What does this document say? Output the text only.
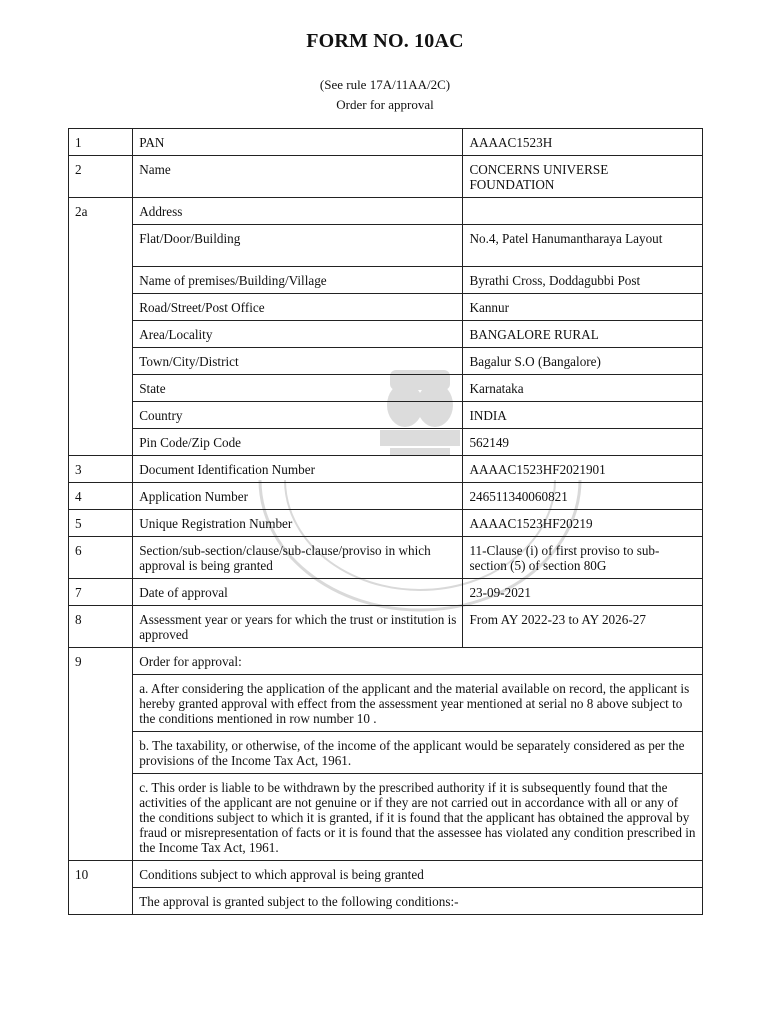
FORM NO. 10AC
(See rule 17A/11AA/2C)
Order for approval
1	PAN	AAAAC1523H
2	Name	CONCERNS UNIVERSE FOUNDATION
2a	Address	
	Flat/Door/Building	No.4, Patel Hanumantharaya Layout
	Name of premises/Building/Village	Byrathi Cross, Doddagubbi Post
	Road/Street/Post Office	Kannur
	Area/Locality	BANGALORE RURAL
	Town/City/District	Bagalur S.O (Bangalore)
	State	Karnataka
	Country	INDIA
	Pin Code/Zip Code	562149
3	Document Identification Number	AAAAC1523HF2021901
4	Application Number	246511340060821
5	Unique Registration Number	AAAAC1523HF20219
6	Section/sub-section/clause/sub-clause/proviso in which approval is being granted	11-Clause (i) of first proviso to sub-section (5) of section 80G
7	Date of approval	23-09-2021
8	Assessment year or years for which the trust or institution is approved	From AY 2022-23 to AY 2026-27
9	Order for approval:	
	a. After considering the application of the applicant and the material available on record, the applicant is hereby granted approval with effect from the assessment year mentioned at serial no 8 above subject to the conditions mentioned in row number 10 .	
	b. The taxability, or otherwise, of the income of the applicant would be separately considered as per the provisions of the Income Tax Act, 1961.	
	c. This order is liable to be withdrawn by the prescribed authority if it is subsequently found that the activities of the applicant are not genuine or if they are not carried out in accordance with all or any of the conditions subject to which it is granted, if it is found that the applicant has obtained the approval by fraud or misrepresentation of facts or it is found that the assessee has violated any condition prescribed in the Income Tax Act, 1961.	
10	Conditions subject to which approval is being granted	
	The approval is granted subject to the following conditions:-	
